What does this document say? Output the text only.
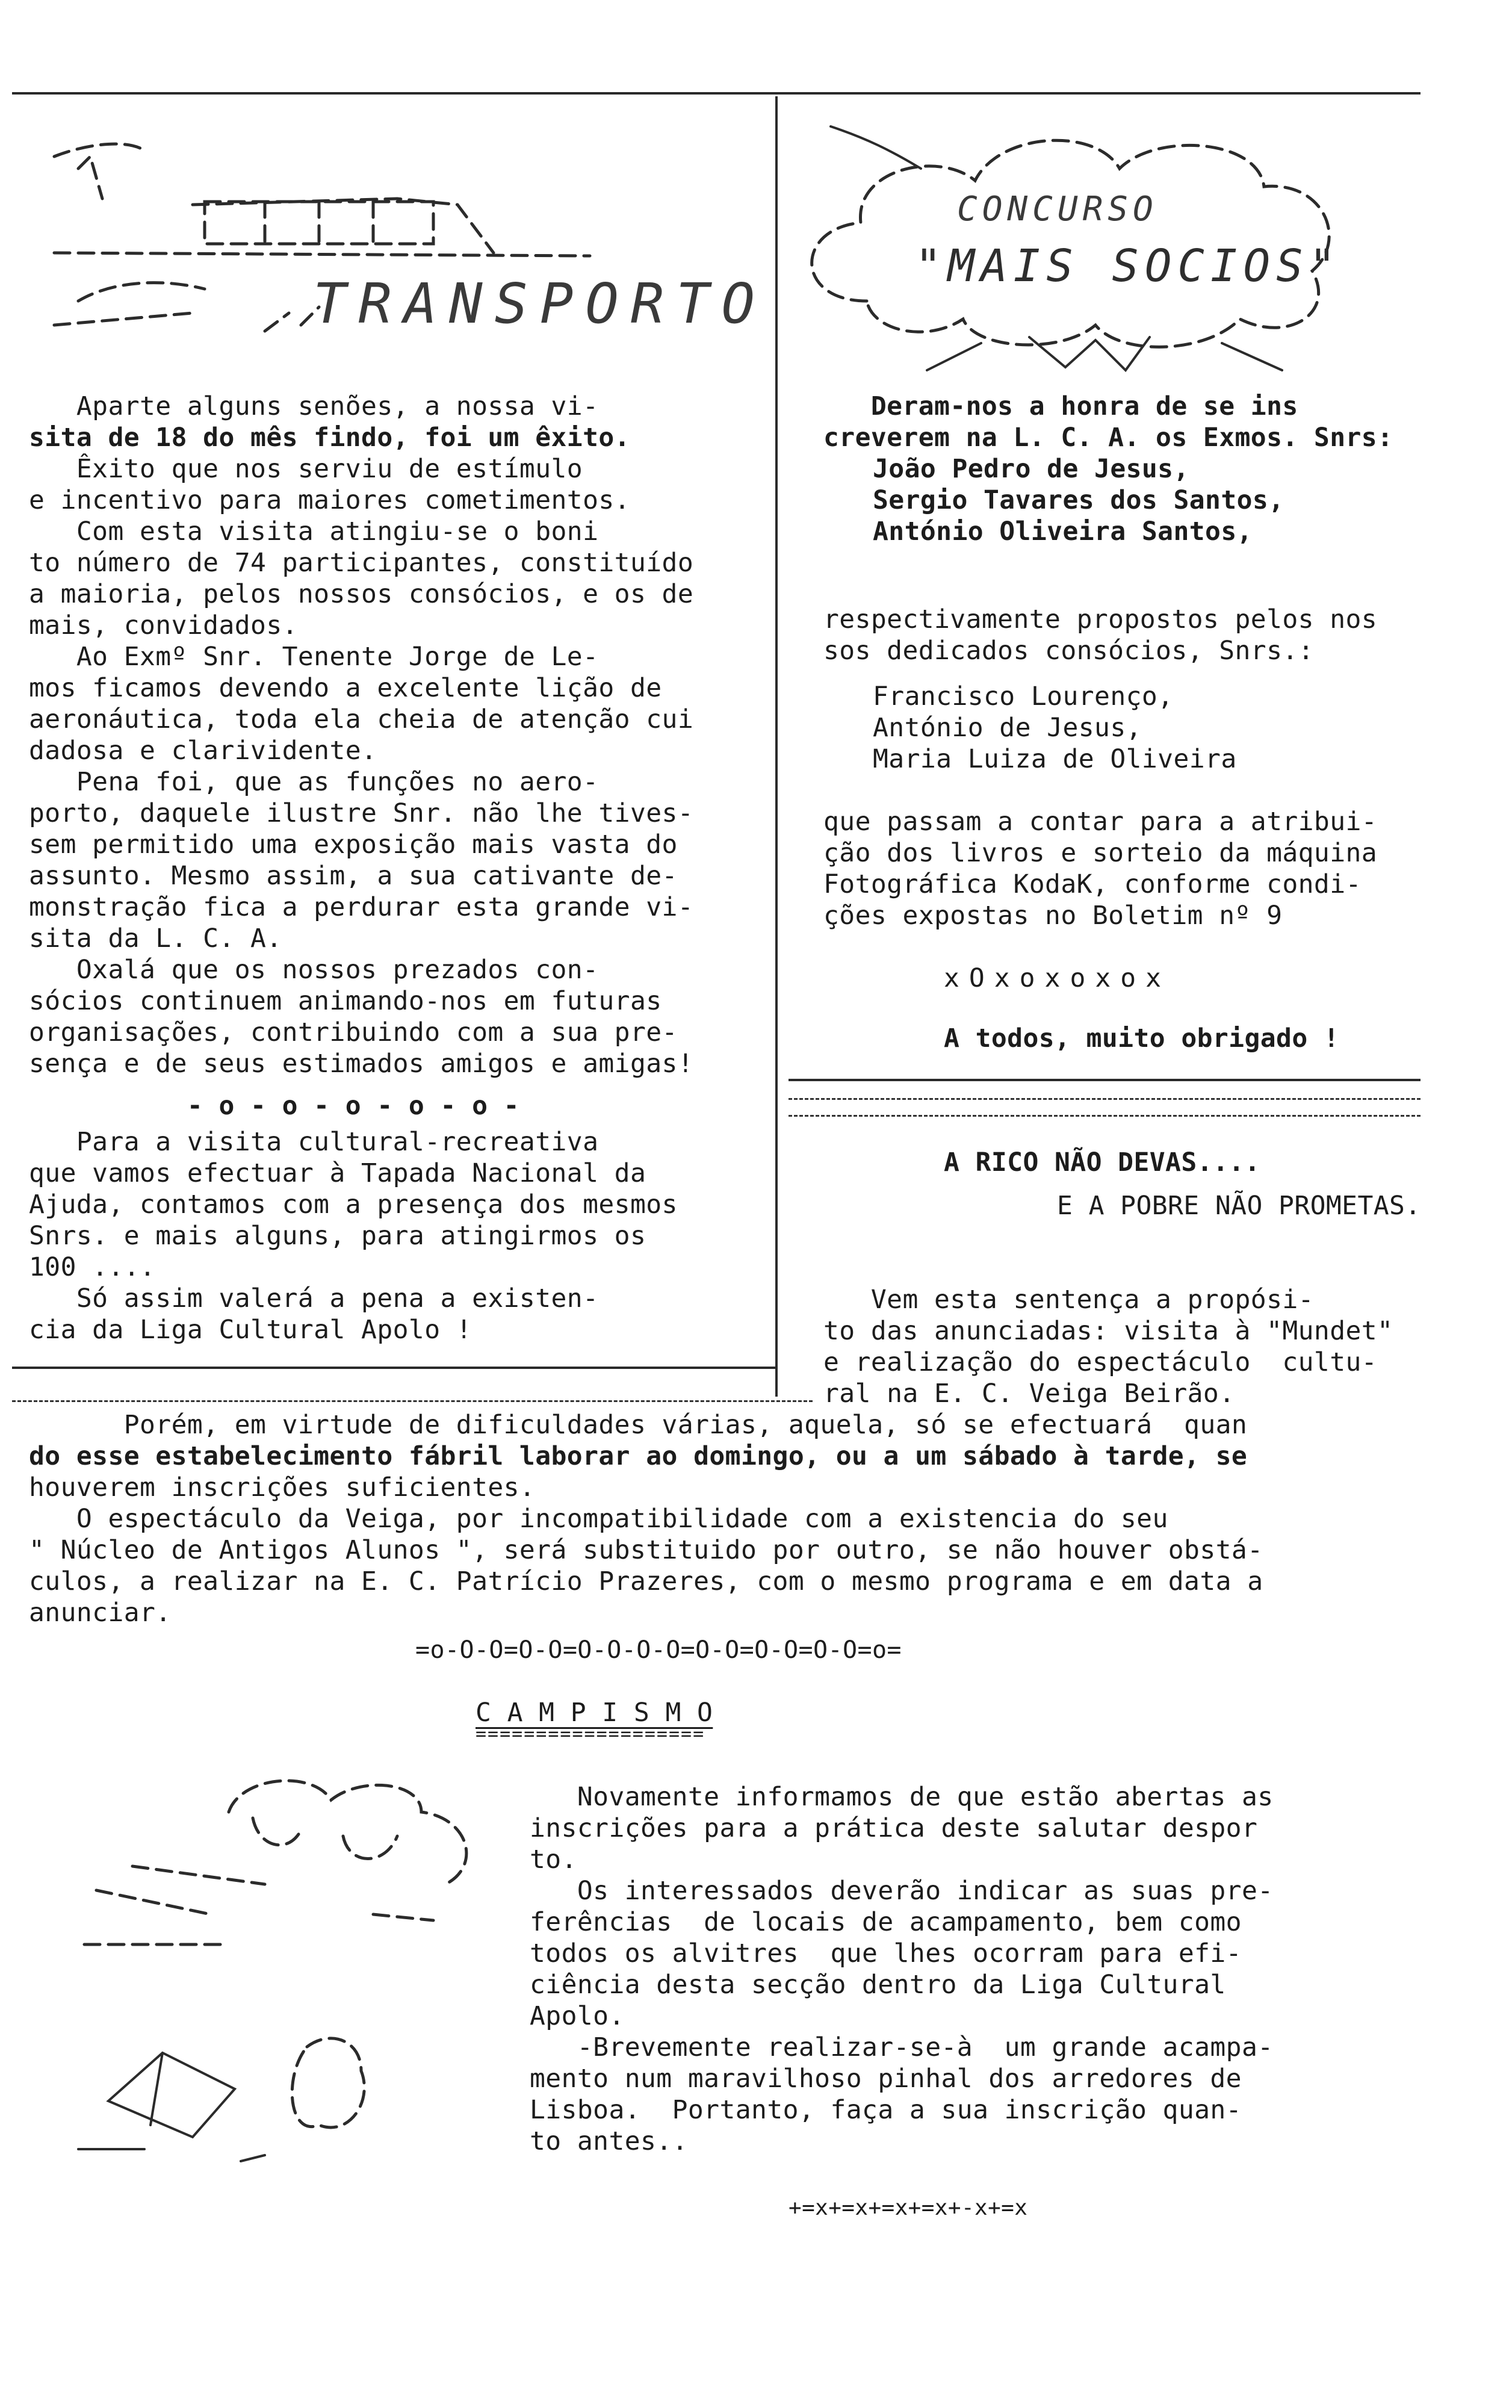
TRANSPORTO
CONCURSO
"MAIS SOCIOS"
Aparte alguns senões, a nossa vi-
sita de 18 do mês findo, foi um êxito.
Êxito que nos serviu de estímulo
e incentivo para maiores cometimentos.
Com esta visita atingiu-se o boni
to número de 74 participantes, constituído
a maioria, pelos nossos consócios, e os de
mais, convidados.
Ao Exmº Snr. Tenente Jorge de Le-
mos ficamos devendo a excelente lição de
aeronáutica, toda ela cheia de atenção cui
dadosa e clarividente.
Pena foi, que as funções no aero-
porto, daquele ilustre Snr. não lhe tives-
sem permitido uma exposição mais vasta do
assunto. Mesmo assim, a sua cativante de-
monstração fica a perdurar esta grande vi-
sita da L. C. A.
Oxalá que os nossos prezados con-
sócios continuem animando-nos em futuras
organisações, contribuindo com a sua pre-
sença e de seus estimados amigos e amigas!
- o - o - o - o - o -
Para a visita cultural-recreativa
que vamos efectuar à Tapada Nacional da
Ajuda, contamos com a presença dos mesmos
Snrs. e mais alguns, para atingirmos os
100 ....
Só assim valerá a pena a existen-
cia da Liga Cultural Apolo !
Deram-nos a honra de se ins
creverem na L. C. A. os Exmos. Snrs:
João Pedro de Jesus,
Sergio Tavares dos Santos,
António Oliveira Santos,
respectivamente propostos pelos nos
sos dedicados consócios, Snrs.:
Francisco Lourenço,
António de Jesus,
Maria Luiza de Oliveira
que passam a contar para a atribui-
ção dos livros e sorteio da máquina
Fotográfica KodaK, conforme condi-
ções expostas no Boletim nº 9
xOxoxoxox
A todos, muito obrigado !
A RICO NÃO DEVAS....
E A POBRE NÃO PROMETAS.
Vem esta sentença a propósi-
to das anunciadas: visita à "Mundet"
e realização do espectáculo  cultu-
ral na E. C. Veiga Beirão.
Porém, em virtude de dificuldades várias, aquela, só se efectuará  quan
do esse estabelecimento fábril laborar ao domingo, ou a um sábado à tarde, se
houverem inscrições suficientes.
O espectáculo da Veiga, por incompatibilidade com a existencia do seu
" Núcleo de Antigos Alunos ", será substituido por outro, se não houver obstá-
culos, a realizar na E. C. Patrício Prazeres, com o mesmo programa e em data a
anunciar.
=o-O-O=O-O=O-O-O-O=O-O=O-O=O-O=o=
C A M P I S M O
===================
Novamente informamos de que estão abertas as
inscrições para a prática deste salutar despor
to.
Os interessados deverão indicar as suas pre-
ferências  de locais de acampamento, bem como
todos os alvitres  que lhes ocorram para efi-
ciência desta secção dentro da Liga Cultural
Apolo.
-Brevemente realizar-se-à  um grande acampa-
mento num maravilhoso pinhal dos arredores de
Lisboa.  Portanto, faça a sua inscrição quan-
to antes..
+=x+=x+=x+=x+-x+=x
